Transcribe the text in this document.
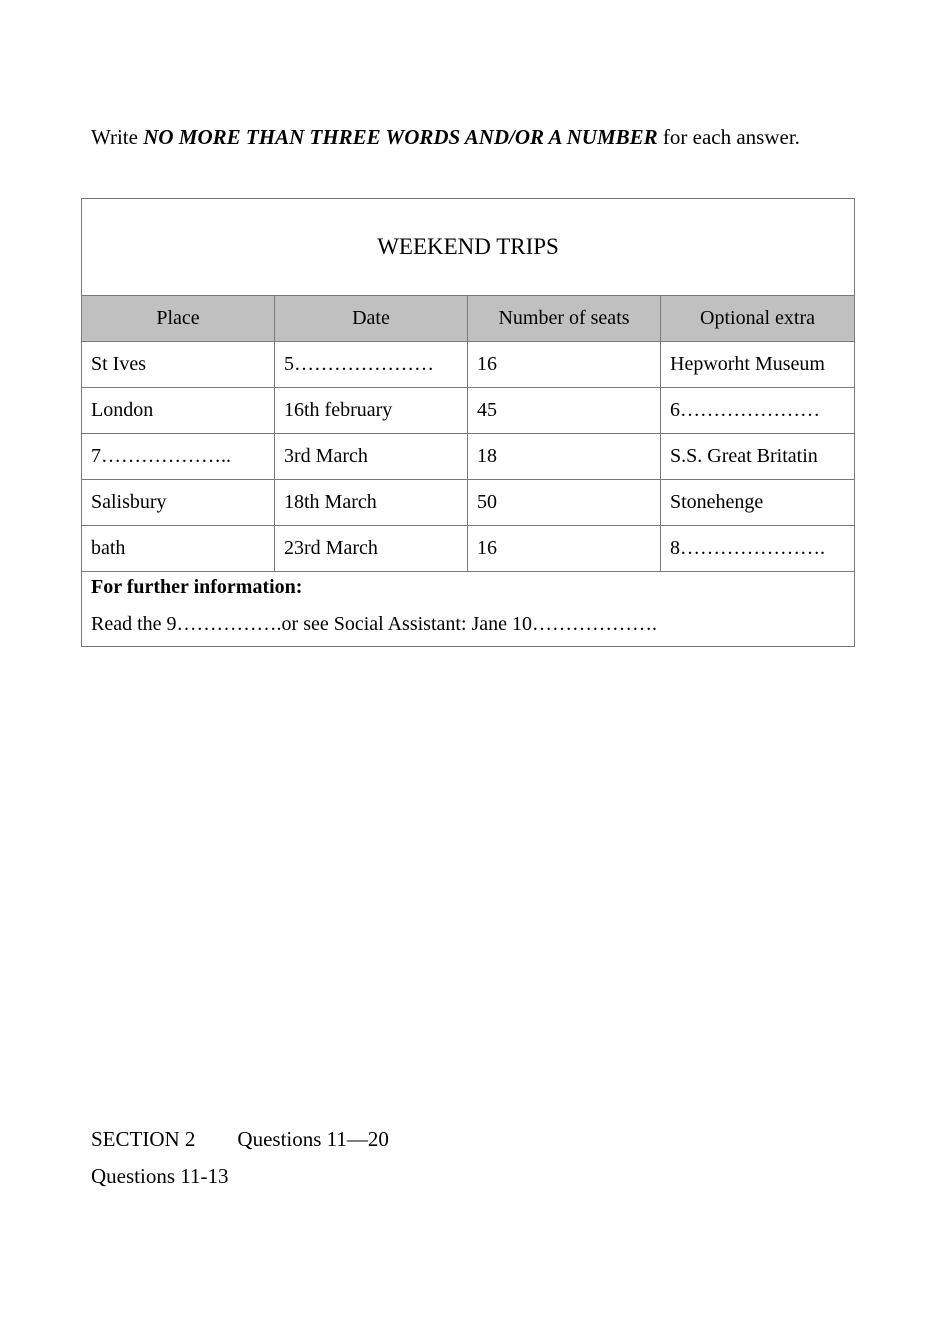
Write NO MORE THAN THREE WORDS AND/OR A NUMBER for each answer.
WEEKEND TRIPS			
Place	Date	Number of seats	Optional extra
St Ives	5…………………	16	Hepworht Museum
London	16th february	45	6…………………
7………………..	3rd March	18	S.S. Great Britatin
Salisbury	18th March	50	Stonehenge
bath	23rd March	16	8………………….

For further information:
Read the 9…………….or see Social Assistant: Jane 10……………….			
SECTION 2 Questions 11—20
Questions 11-13
